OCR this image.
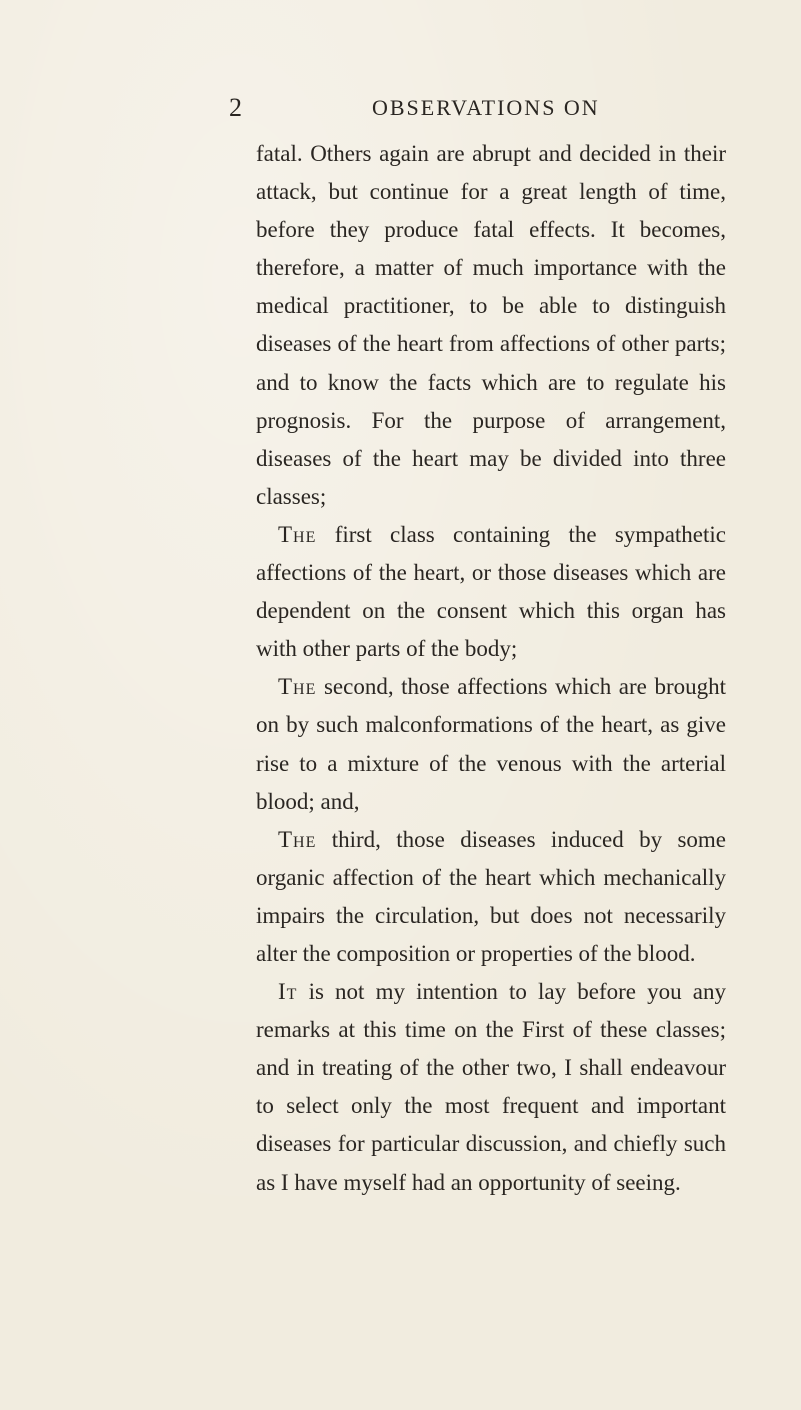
2	OBSERVATIONS ON

fatal. Others again are abrupt and decided in their attack, but continue for a great length of time, before they produce fatal effects. It becomes, therefore, a matter of much importance with the medical practitioner, to be able to distinguish diseases of the heart from affections of other parts; and to know the facts which are to regulate his prognosis. For the purpose of arrangement, diseases of the heart may be divided into three classes;

The first class containing the sympathetic affections of the heart, or those diseases which are dependent on the consent which this organ has with other parts of the body;

The second, those affections which are brought on by such malconformations of the heart, as give rise to a mixture of the venous with the arterial blood; and,

The third, those diseases induced by some organic affection of the heart which mechanically impairs the circulation, but does not necessarily alter the composition or properties of the blood.

It is not my intention to lay before you any remarks at this time on the First of these classes; and in treating of the other two, I shall endeavour to select only the most frequent and important diseases for particular discussion, and chiefly such as I have myself had an opportunity of seeing.
